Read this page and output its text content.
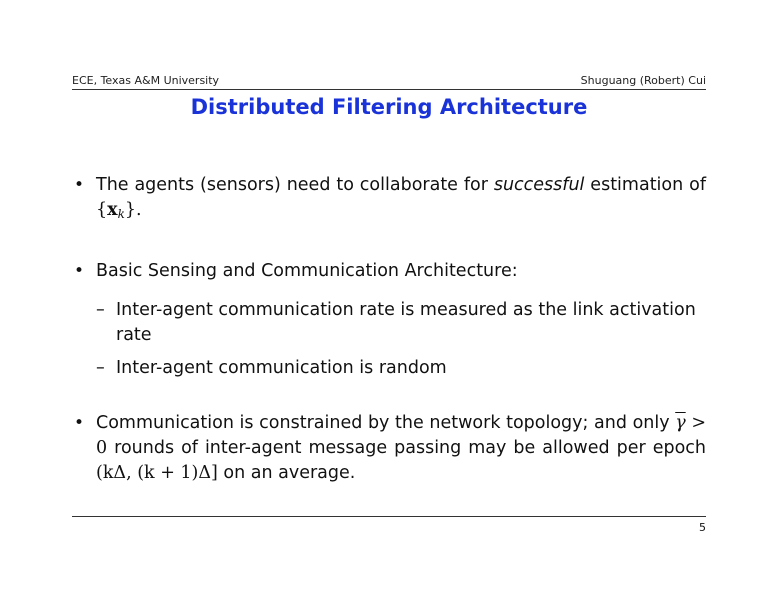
ECE, Texas A&M University	Shuguang (Robert) Cui
Distributed Filtering Architecture
• The agents (sensors) need to collaborate for successful estimation of {xk}.
• Basic Sensing and Communication Architecture:
– Inter-agent communication rate is measured as the link activation rate
– Inter-agent communication is random
• Communication is constrained by the network topology; and only $\overline{\gamma} > 0$ rounds of inter-agent message passing may be allowed per epoch (kΔ, (k + 1)Δ] on an average.
5
